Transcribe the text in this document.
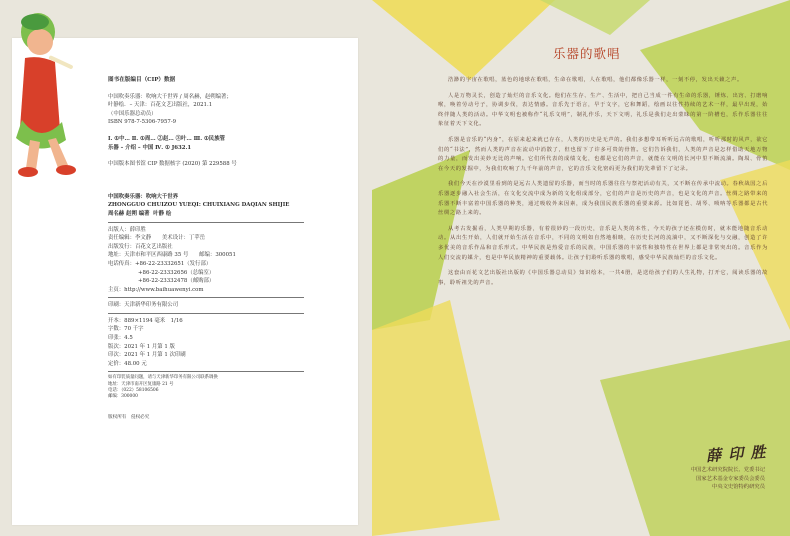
图书在版编目（CIP）数据

中国吹奏乐器：吹响大千世界 / 周名赫，赵朔编著；

叶静绘．– 天津：百花文艺出版社，2021.1

（中国乐器总动员）

ISBN 978-7-5306-7957-9

Ⅰ. ①中… Ⅱ. ①周… ②赵… ③叶… Ⅲ. ①民族管

乐器 – 介绍 – 中国 Ⅳ. ① J632.1

中国版本图书馆 CIP 数据核字 (2020) 第 229588 号

中国吹奏乐器：吹响大千世界

ZHONGGUO CHUIZOU YUEQI: CHUIXIANG DAQIAN SHIJIE

周名赫 赵朔 编著  叶静 绘

出版人：薛印胜

责任编辑：李文静　　美术设计：丁苹岳

出版发行：百花文艺出版社

地址：天津市和平区西康路 35 号　　邮编：300051

电话传真：+86-22-23332651（发行部）

+86-22-23332656（总编室）

+86-22-23332478（邮购部）

主页：http://www.baihuawenyi.com

印刷：天津新华印务有限公司

开本：889×1194 毫米　1/16

字数：70 千字

印张：4.5

版次：2021 年 1 月第 1 版

印次：2021 年 1 月第 1 次印刷

定价：48.00 元

如有印装质量问题，请与天津新华印务有限公司联系调换

地址：天津市南开区复康路 21 号

电话：（022）58106506

邮编：300000

版权所有　侵权必究

乐器的歌唱

浩渺的宇宙在歌唱，蓝色的地球在歌唱，生命在歌唱，人在歌唱，他们都像乐器一样，一刻不停，发出天籁之声。

人是万物灵长，创造了灿烂的音乐文化。他们在生存、生产、生活中，把自己当成一件有生命的乐器，锤炼、出窍、打磨响喉，唤着劳动号子，协调步伐，表达情感。音乐先于语言，早于文字，它和舞蹈，绘画以往性持续的艺术一样，最早出现，始终伴随人类的活动。中华文明也被称作“礼乐文明”，制礼作乐，天下文明，礼乐是我们走出蒙昧的第一阶槽也，乐作乐器往往象征着天下文化。

乐器是音乐的“内身”，在原来起来就已存在，人类的历史是无声的。我们多想带耳听听远古的歌唱，听听那时的风声，欲它们的“书法”，然而人类的声音在流动中消散了，但也留下了许多可贵的骨笛。它们告诉我们，人类的声音是怎样借助天地万物的力量，而发出美妙无比的声响。它们所代表的成绩文化，也都是它们的声音，就能在文明的长河中里不断流淌。陶埙、骨笛在今天的发掘中，为我们吹响了九千年前的声音，它的音乐文化密码更为我们的先辈留下了记录。

我们今天在沙漠里看到的是远古人类遗留的乐器，而当时的乐器往往与祭祀活动有关，又不断在传承中流动。春秋战国之后乐器逐步融入社会生活，在文化交流中成为新的文化组成部分，它们的声音是历史的声音，也是文化的声音。丝绸之路带来的乐器不断丰富着中国乐器的种类，通过吸收外来因素，成为我国民族乐器的重要来源。比如琵琶、胡琴、唢呐等乐器都是古代丝绸之路上来的。

从考古发掘看，人类早期的乐器，有着很妙的一段历史，音乐是人类的本性，今天的孩子还在模仿时，就本能地随音乐动动。从出生开始，人们就开始生活在音乐中，不同的文明如自然地相映，在历史长河的流淌中，又不断深化与交融，创造了许多优美的音乐作品和音乐形式。中华民族是热爱音乐的民族，中国乐器的丰富性和独特性在世界上都是非常突出的。音乐作为人们交流的媒介，也是中华民族精神的重要载体。让孩子们聆听乐器的歌唱，感受中华民族灿烂的音乐文化。

这套由百花文艺出版社出版的《中国乐器总动员》知识绘本，一共4册，是送给孩子们的人生礼物，打开它，阅读乐器的故事，聆听祖先的声音。

薛 印 胜

中国艺术研究院院长、党委书记

国家艺术基金专家委员会委员

中央文史馆特约研究员
